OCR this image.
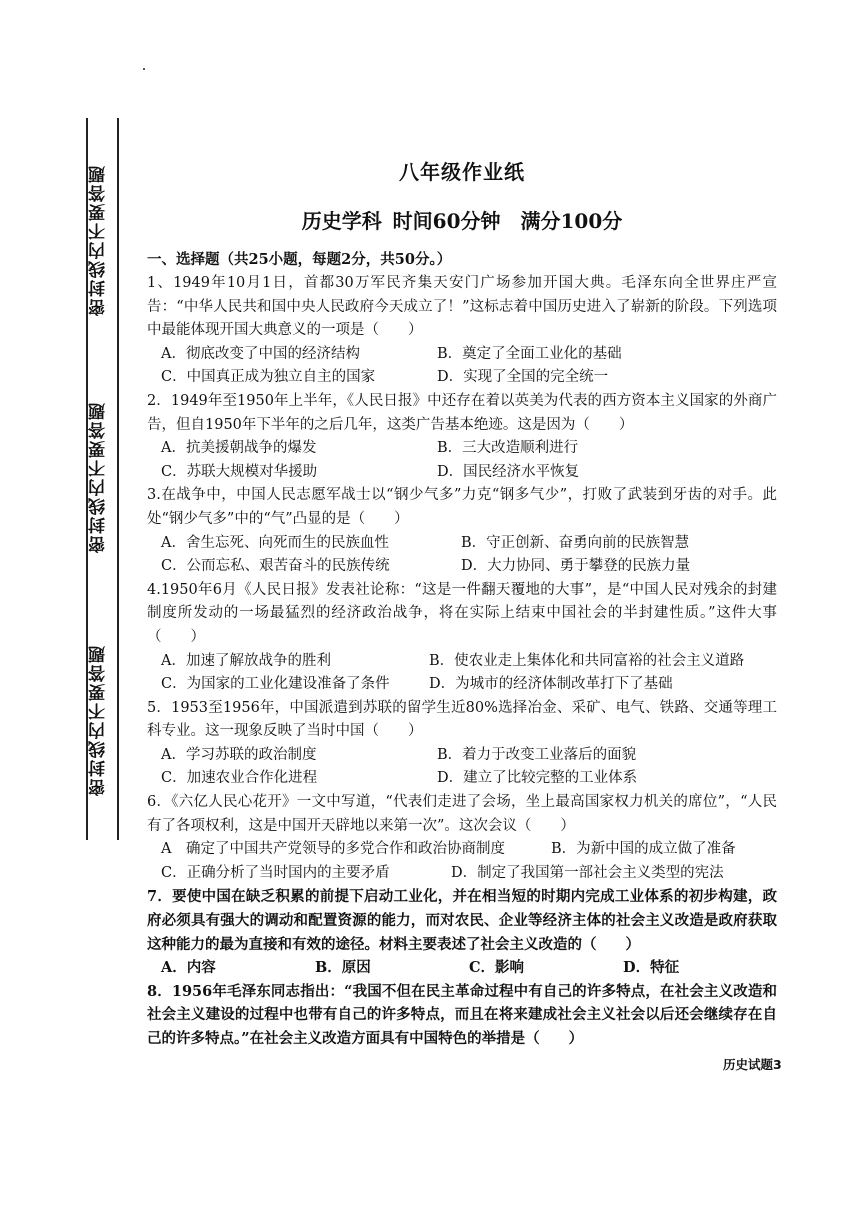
密封线内不要答题
密封线内不要答题
密封线内不要答题
八年级作业纸
历史学科 时间60分钟　满分100分
一、选择题（共25小题，每题2分，共50分。）
1、1949年10月1日，首都30万军民齐集天安门广场参加开国大典。毛泽东向全世界庄严宣告：“中华人民共和国中央人民政府今天成立了！”这标志着中国历史进入了崭新的阶段。下列选项中最能体现开国大典意义的一项是（　　）
A．彻底改变了中国的经济结构	B．奠定了全面工业化的基础
C．中国真正成为独立自主的国家	D．实现了全国的完全统一
2．1949年至1950年上半年，《人民日报》中还存在着以英美为代表的西方资本主义国家的外商广告，但自1950年下半年的之后几年，这类广告基本绝迹。这是因为（　　）
A．抗美援朝战争的爆发	B．三大改造顺利进行
C．苏联大规模对华援助	D．国民经济水平恢复
3.在战争中，中国人民志愿军战士以“钢少气多”力克“钢多气少”，打败了武装到牙齿的对手。此处“钢少气多”中的“气”凸显的是（　　）
A．舍生忘死、向死而生的民族血性	B．守正创新、奋勇向前的民族智慧
C．公而忘私、艰苦奋斗的民族传统	D．大力协同、勇于攀登的民族力量
4.1950年6月《人民日报》发表社论称：“这是一件翻天覆地的大事”，是“中国人民对残余的封建制度所发动的一场最猛烈的经济政治战争，将在实际上结束中国社会的半封建性质。”这件大事（　　）
A．加速了解放战争的胜利	B．使农业走上集体化和共同富裕的社会主义道路
C．为国家的工业化建设准备了条件	D．为城市的经济体制改革打下了基础
5．1953至1956年，中国派遣到苏联的留学生近80%选择冶金、采矿、电气、铁路、交通等理工科专业。这一现象反映了当时中国（　　）
A．学习苏联的政治制度	B．着力于改变工业落后的面貌
C．加速农业合作化进程	D．建立了比较完整的工业体系
6．《六亿人民心花开》一文中写道，“代表们走进了会场，坐上最高国家权力机关的席位”，“人民有了各项权利，这是中国开天辟地以来第一次”。这次会议（　　）
A　确定了中国共产党领导的多党合作和政治协商制度	B．为新中国的成立做了准备
C．正确分析了当时国内的主要矛盾	D．制定了我国第一部社会主义类型的宪法
7．要使中国在缺乏积累的前提下启动工业化，并在相当短的时期内完成工业体系的初步构建，政府必须具有强大的调动和配置资源的能力，而对农民、企业等经济主体的社会主义改造是政府获取这种能力的最为直接和有效的途径。材料主要表述了社会主义改造的（　　）
A．内容	B．原因	C．影响	D．特征
8．1956年毛泽东同志指出：“我国不但在民主革命过程中有自己的许多特点，在社会主义改造和社会主义建设的过程中也带有自己的许多特点，而且在将来建成社会主义社会以后还会继续存在自己的许多特点。”在社会主义改造方面具有中国特色的举措是（　　）
历史试题3
